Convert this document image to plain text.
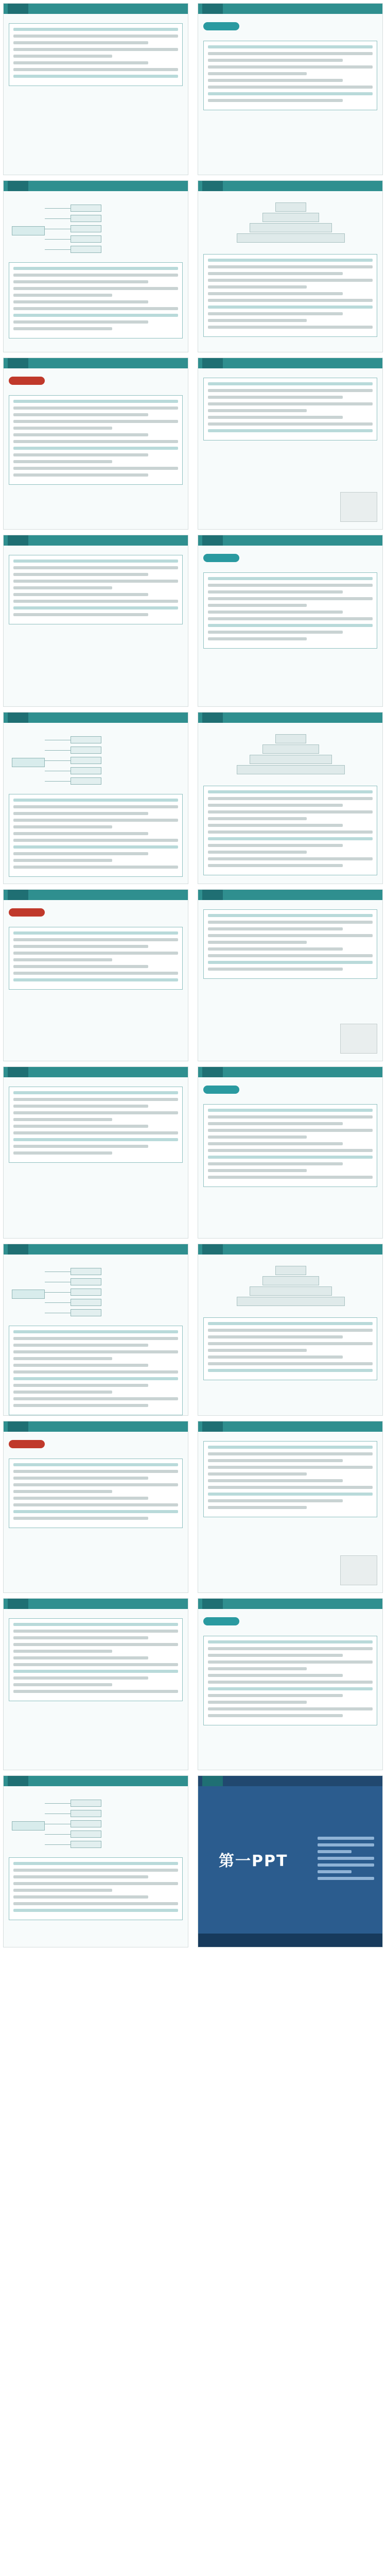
第一PPT
